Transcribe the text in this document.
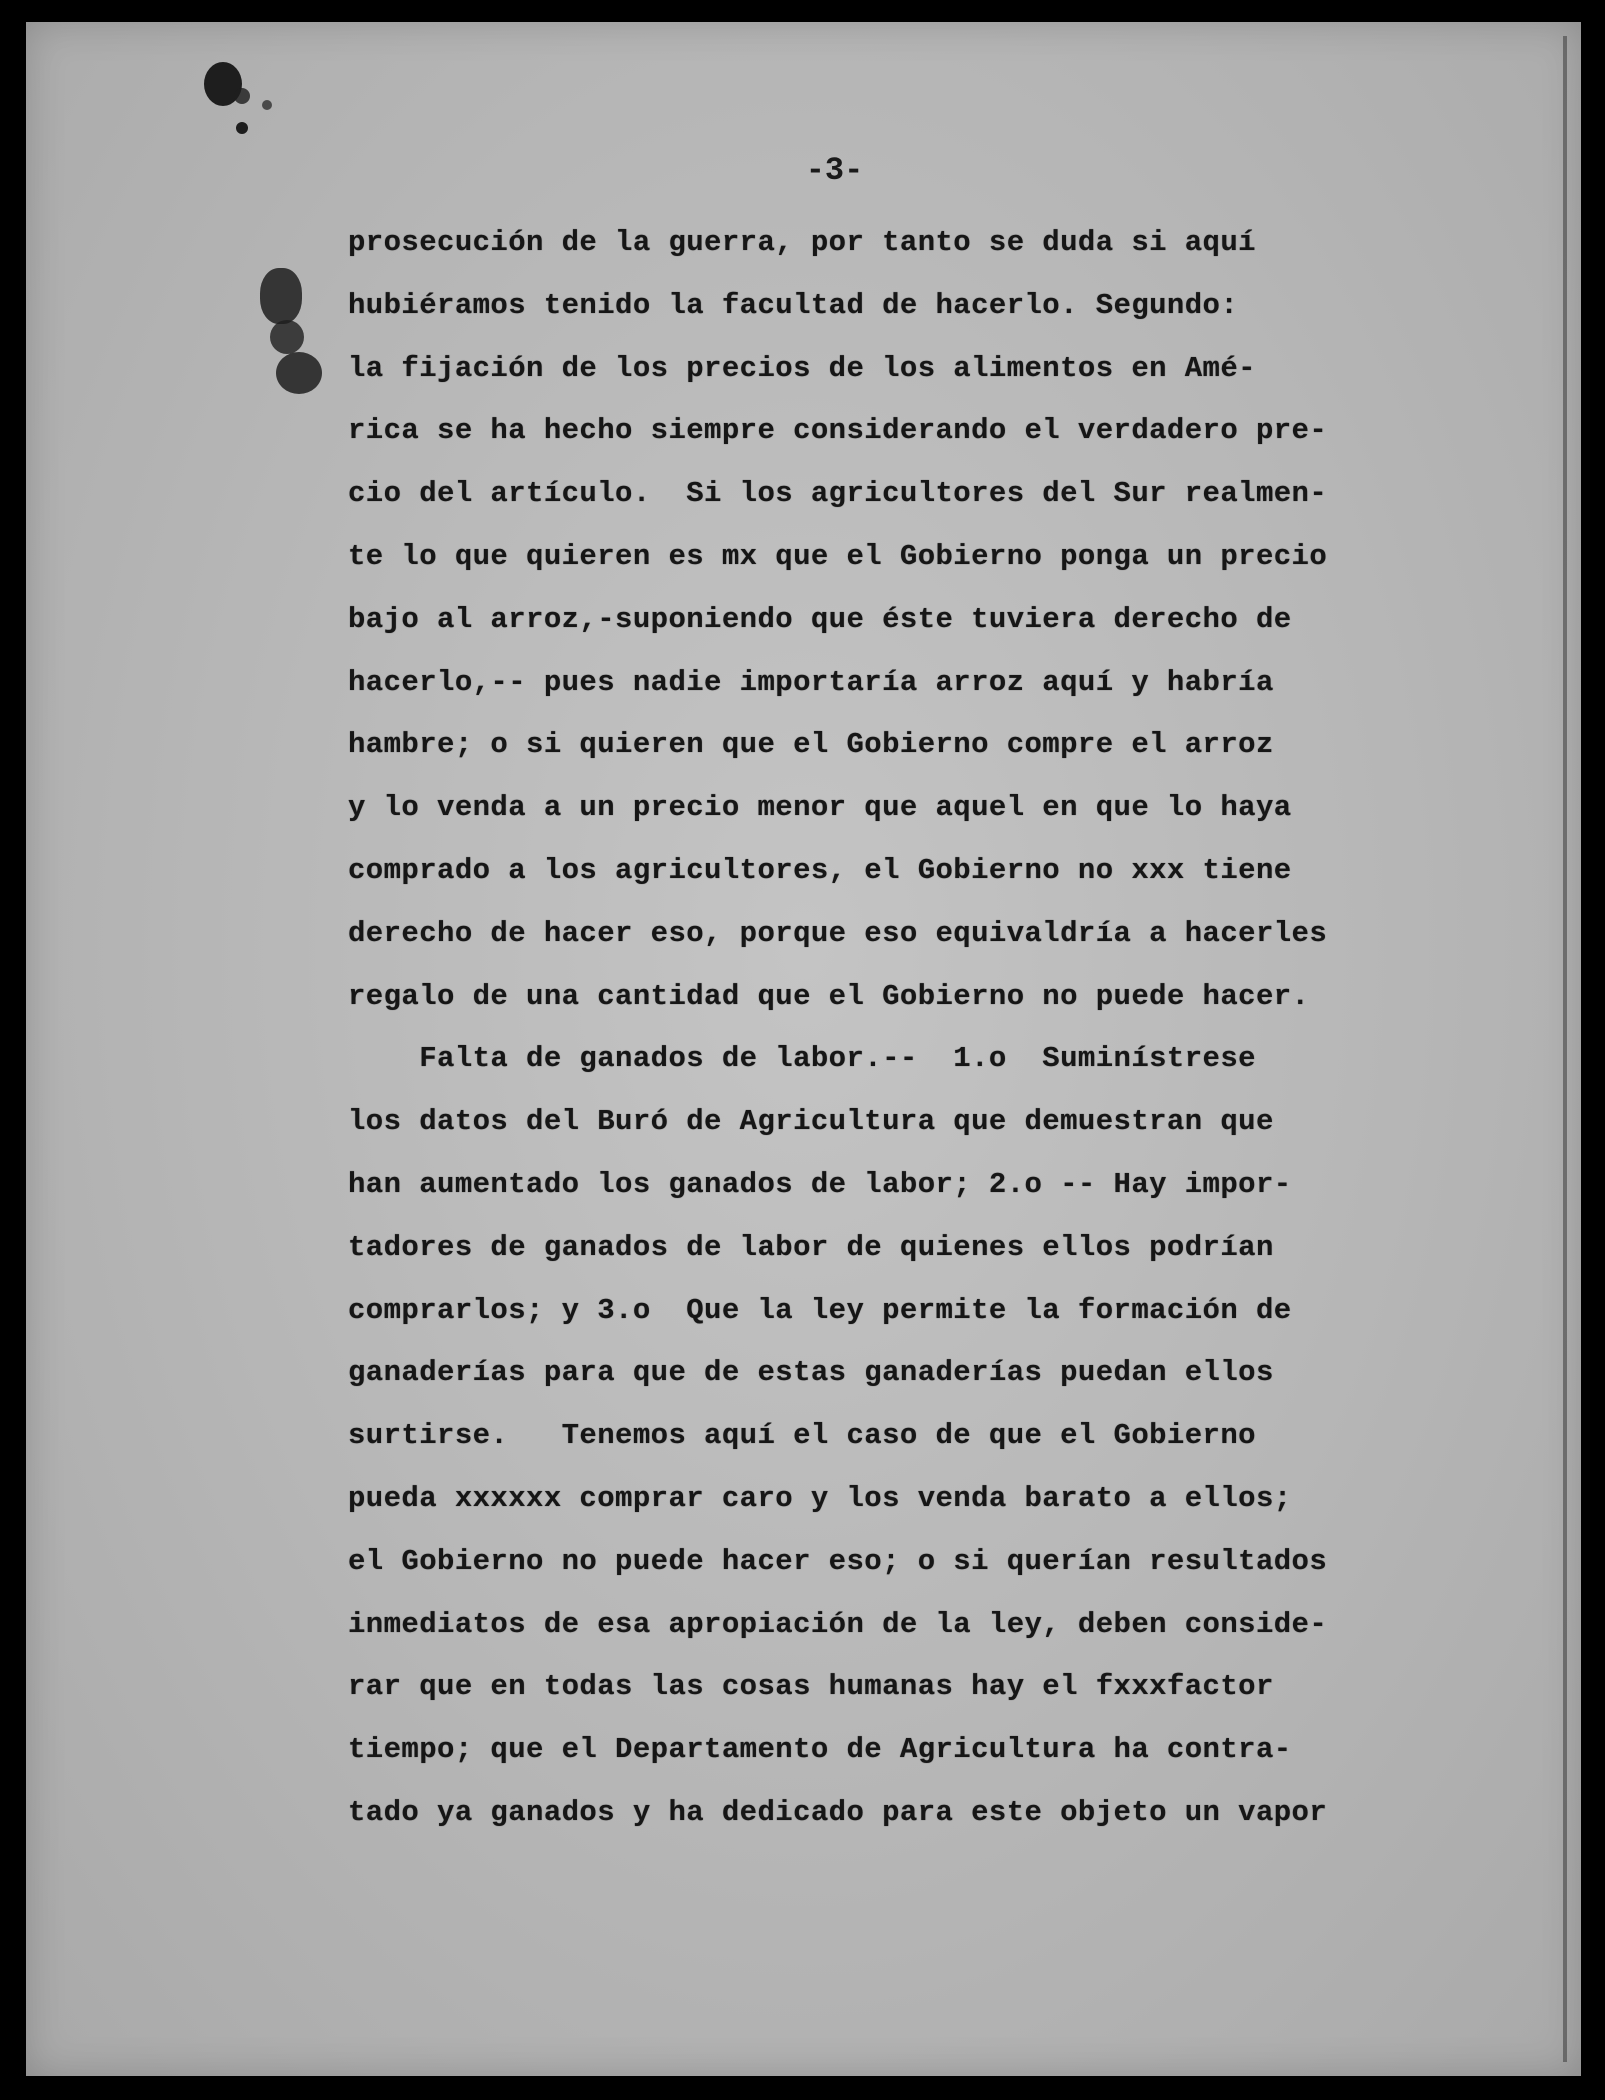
-3-
prosecución de la guerra, por tanto se duda si aquí
hubiéramos tenido la facultad de hacerlo. Segundo:
la fijación de los precios de los alimentos en Amé-
rica se ha hecho siempre considerando el verdadero pre-
cio del artículo.  Si los agricultores del Sur realmen-
te lo que quieren es mx que el Gobierno ponga un precio
bajo al arroz,-suponiendo que éste tuviera derecho de
hacerlo,-- pues nadie importaría arroz aquí y habría
hambre; o si quieren que el Gobierno compre el arroz
y lo venda a un precio menor que aquel en que lo haya
comprado a los agricultores, el Gobierno no xxx tiene
derecho de hacer eso, porque eso equivaldría a hacerles
regalo de una cantidad que el Gobierno no puede hacer.
Falta de ganados de labor.--  1.o  Suminístrese
los datos del Buró de Agricultura que demuestran que
han aumentado los ganados de labor; 2.o -- Hay impor-
tadores de ganados de labor de quienes ellos podrían
comprarlos; y 3.o  Que la ley permite la formación de
ganaderías para que de estas ganaderías puedan ellos
surtirse.   Tenemos aquí el caso de que el Gobierno
pueda xxxxxx comprar caro y los venda barato a ellos;
el Gobierno no puede hacer eso; o si querían resultados
inmediatos de esa apropiación de la ley, deben conside-
rar que en todas las cosas humanas hay el fxxxfactor
tiempo; que el Departamento de Agricultura ha contra-
tado ya ganados y ha dedicado para este objeto un vapor
